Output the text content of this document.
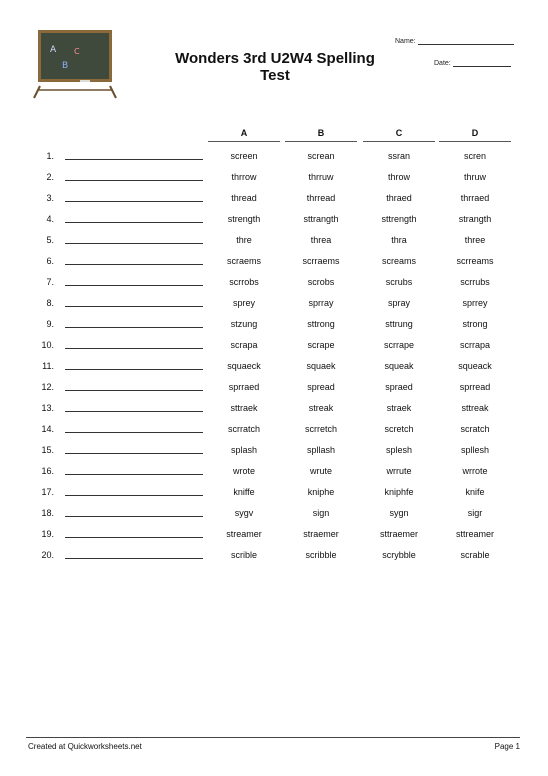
A
B
C	Wonders 3rd U2W4 Spelling
Test
Name:
Date:
A	B	C	D
1.	screen	screan	ssran	scren
2.	thrrow	thrruw	throw	thruw
3.	thread	thrread	thraed	thrraed
4.	strength	sttrangth	sttrength	strangth
5.	thre	threa	thra	three
6.	scraems	scrraems	screams	scrreams
7.	scrrobs	scrobs	scrubs	scrrubs
8.	sprey	sprray	spray	sprrey
9.	stzung	sttrong	sttrung	strong
10.	scrapa	scrape	scrrape	scrrapa
11.	squaeck	squaek	squeak	squeack
12.	sprraed	spread	spraed	sprread
13.	sttraek	streak	straek	sttreak
14.	scrratch	scrretch	scretch	scratch
15.	splash	spllash	splesh	spllesh
16.	wrote	wrute	wrrute	wrrote
17.	kniffe	kniphe	kniphfe	knife
18.	sygv	sign	sygn	sigr
19.	streamer	straemer	sttraemer	sttreamer
20.	scrible	scribble	scrybble	scrable
Created at Quickworksheets.net	Page 1
